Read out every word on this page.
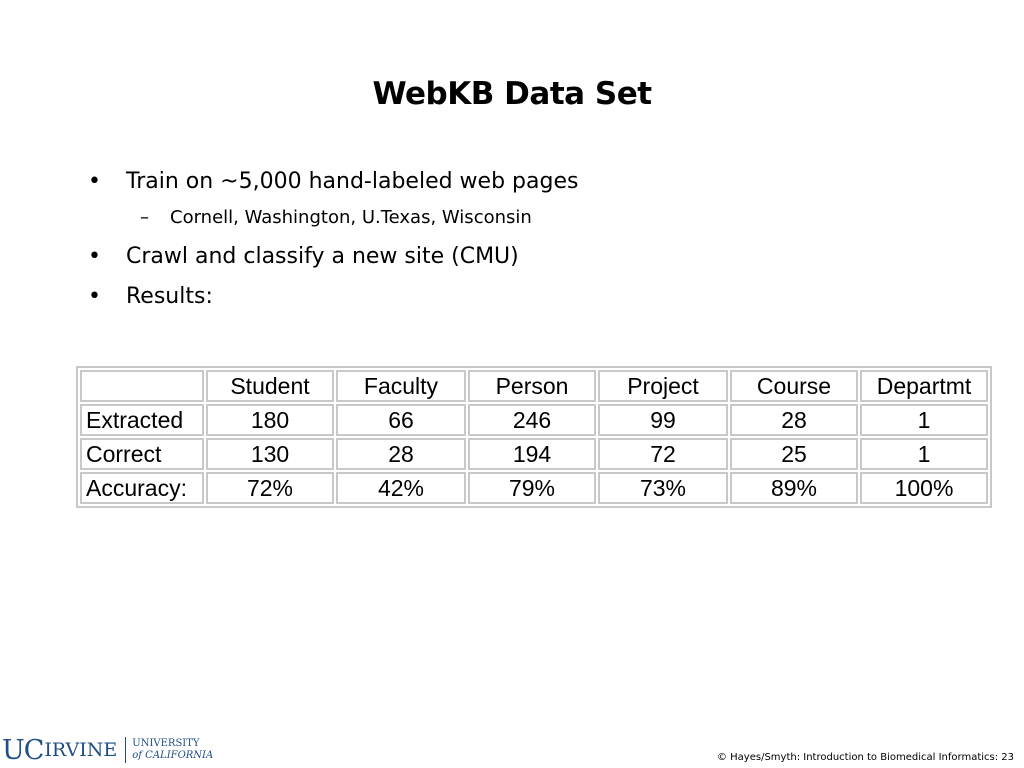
WebKB Data Set
• Train on ~5,000 hand-labeled web pages
– Cornell, Washington, U.Texas, Wisconsin
• Crawl and classify a new site (CMU)
• Results:
	Student	Faculty	Person	Project	Course	Departmt
Extracted	180	66	246	99	28	1
Correct	130	28	194	72	25	1
Accuracy:	72%	42%	79%	73%	89%	100%
UC IRVINE UNIVERSITY
of CALIFORNIA	© Hayes/Smyth: Introduction to Biomedical Informatics: 23
